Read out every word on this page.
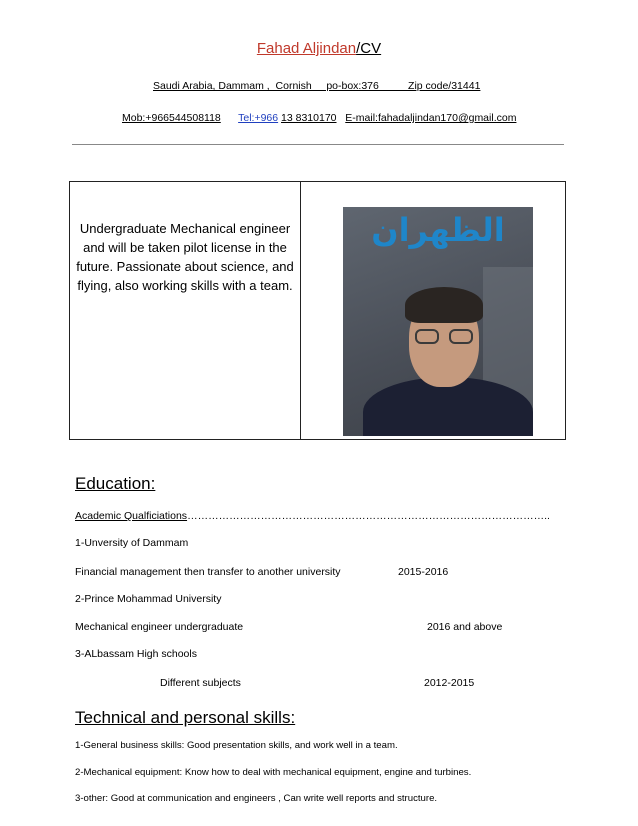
Fahad Aljindan/CV
Saudi Arabia, Dammam ,  Cornish     po-box:376          Zip code/31441
Mob:+966544508118 Tel:+966 13 8310170 E-mail:fahadaljindan170@gmail.com
Undergraduate Mechanical engineer and will be taken pilot license in the future. Passionate about science, and flying, also working skills with a team.
الظهران
Education:
Academic Qualficiations…………………………………………………………………………………………..
1-Unversity of Dammam
Financial management then transfer to another university	2015-2016
2-Prince Mohammad University
Mechanical engineer undergraduate	2016 and above
3-ALbassam High schools
Different subjects	2012-2015
Technical and personal skills:
1-General business skills: Good presentation skills, and work well in a team.
2-Mechanical equipment: Know how to deal with mechanical equipment, engine and turbines.
3-other: Good at communication and engineers , Can write well reports and structure.
